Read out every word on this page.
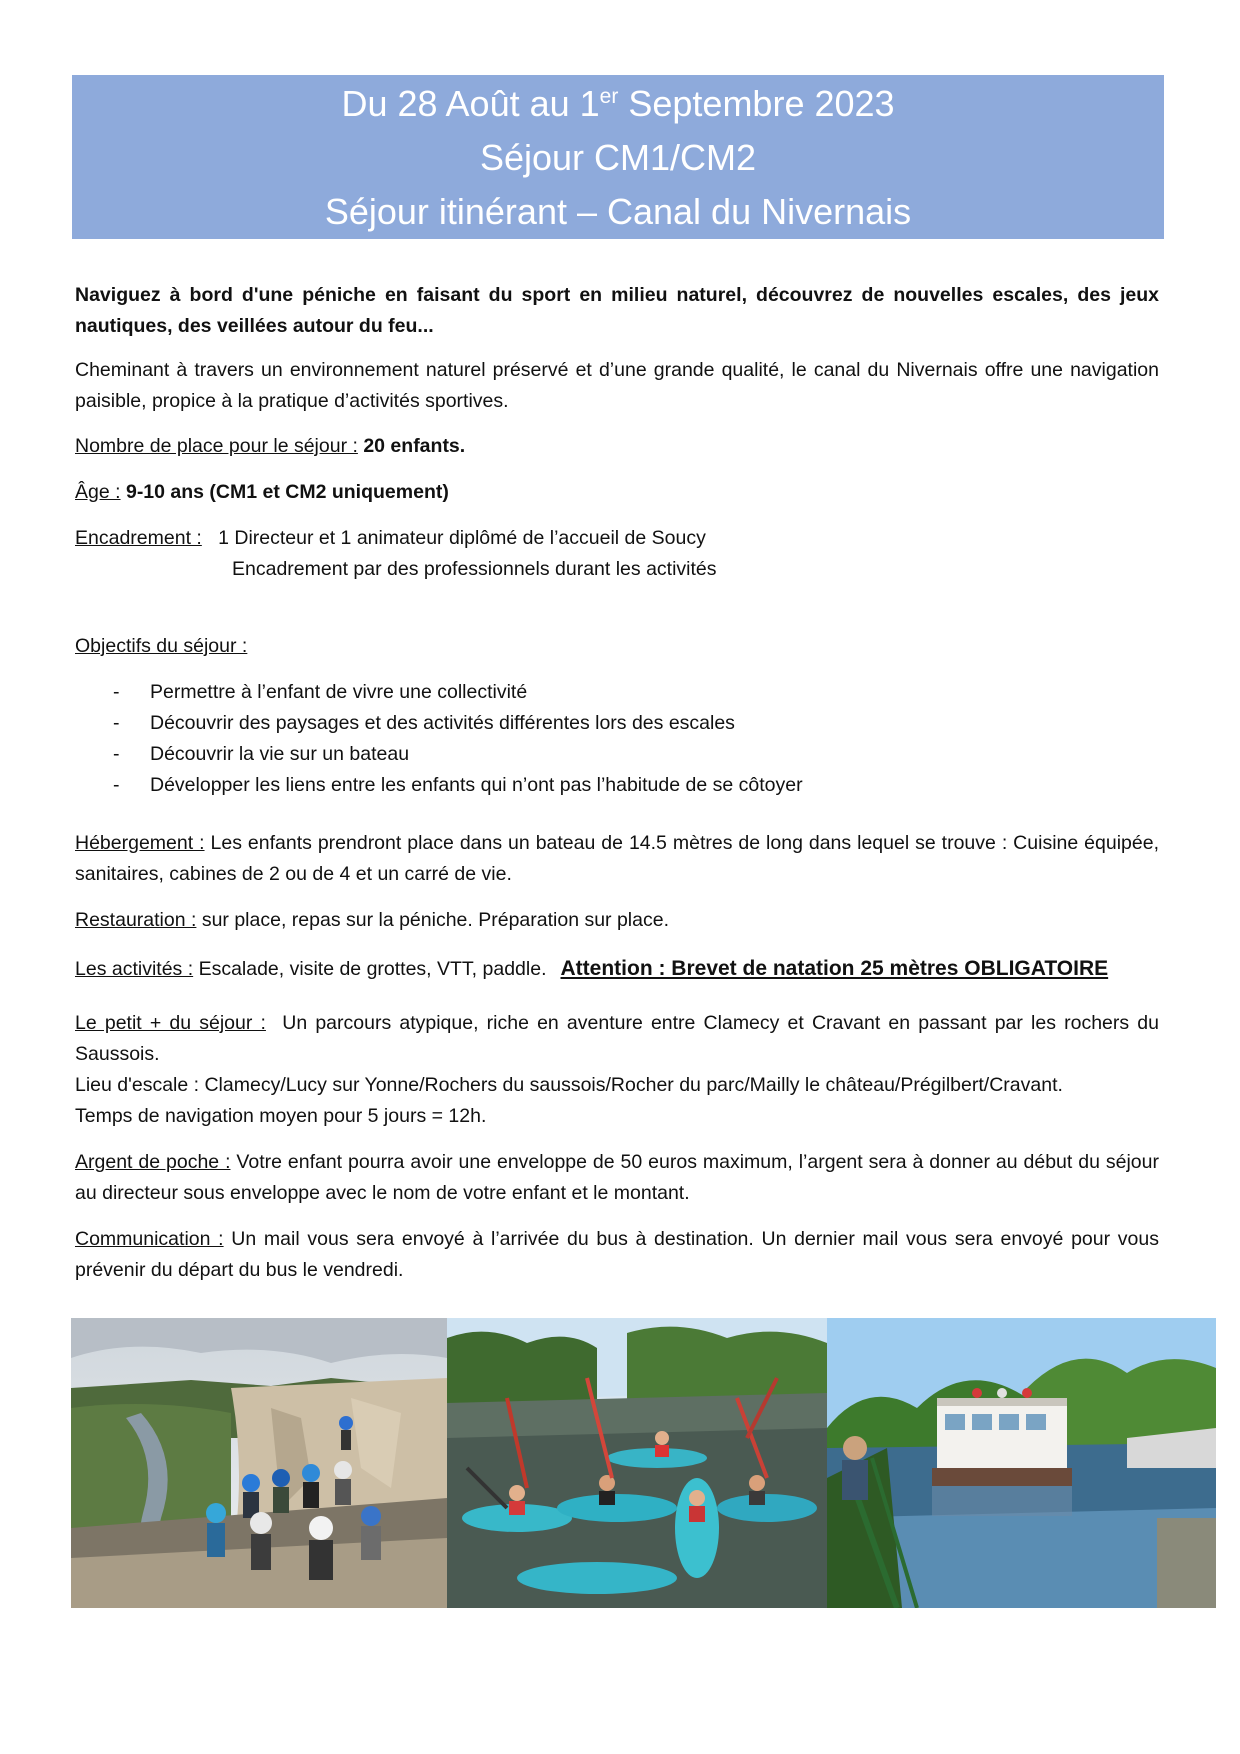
Du 28 Août au 1er Septembre 2023
Séjour CM1/CM2
Séjour itinérant – Canal du Nivernais

Naviguez à bord d'une péniche en faisant du sport en milieu naturel, découvrez de nouvelles escales, des jeux nautiques, des veillées autour du feu...

Cheminant à travers un environnement naturel préservé et d’une grande qualité, le canal du Nivernais offre une navigation paisible, propice à la pratique d’activités sportives.

Nombre de place pour le séjour : 20 enfants.

Âge : 9-10 ans (CM1 et CM2 uniquement)

Encadrement : 1 Directeur et 1 animateur diplômé de l’accueil de Soucy

Encadrement par des professionnels durant les activités

Objectifs du séjour :

- Permettre à l’enfant de vivre une collectivité
- Découvrir des paysages et des activités différentes lors des escales
- Découvrir la vie sur un bateau
- Développer les liens entre les enfants qui n’ont pas l’habitude de se côtoyer

Hébergement : Les enfants prendront place dans un bateau de 14.5 mètres de long dans lequel se trouve : Cuisine équipée, sanitaires, cabines de 2 ou de 4 et un carré de vie.

Restauration : sur place, repas sur la péniche. Préparation sur place.

Les activités : Escalade, visite de grottes, VTT, paddle. Attention : Brevet de natation 25 mètres OBLIGATOIRE

Le petit + du séjour : Un parcours atypique, riche en aventure entre Clamecy et Cravant en passant par les rochers du Saussois.

Lieu d'escale : Clamecy/Lucy sur Yonne/Rochers du saussois/Rocher du parc/Mailly le château/Prégilbert/Cravant.

Temps de navigation moyen pour 5 jours = 12h.

Argent de poche : Votre enfant pourra avoir une enveloppe de 50 euros maximum, l’argent sera à donner au début du séjour au directeur sous enveloppe avec le nom de votre enfant et le montant.

Communication : Un mail vous sera envoyé à l’arrivée du bus à destination. Un dernier mail vous sera envoyé pour vous prévenir du départ du bus le vendredi.
